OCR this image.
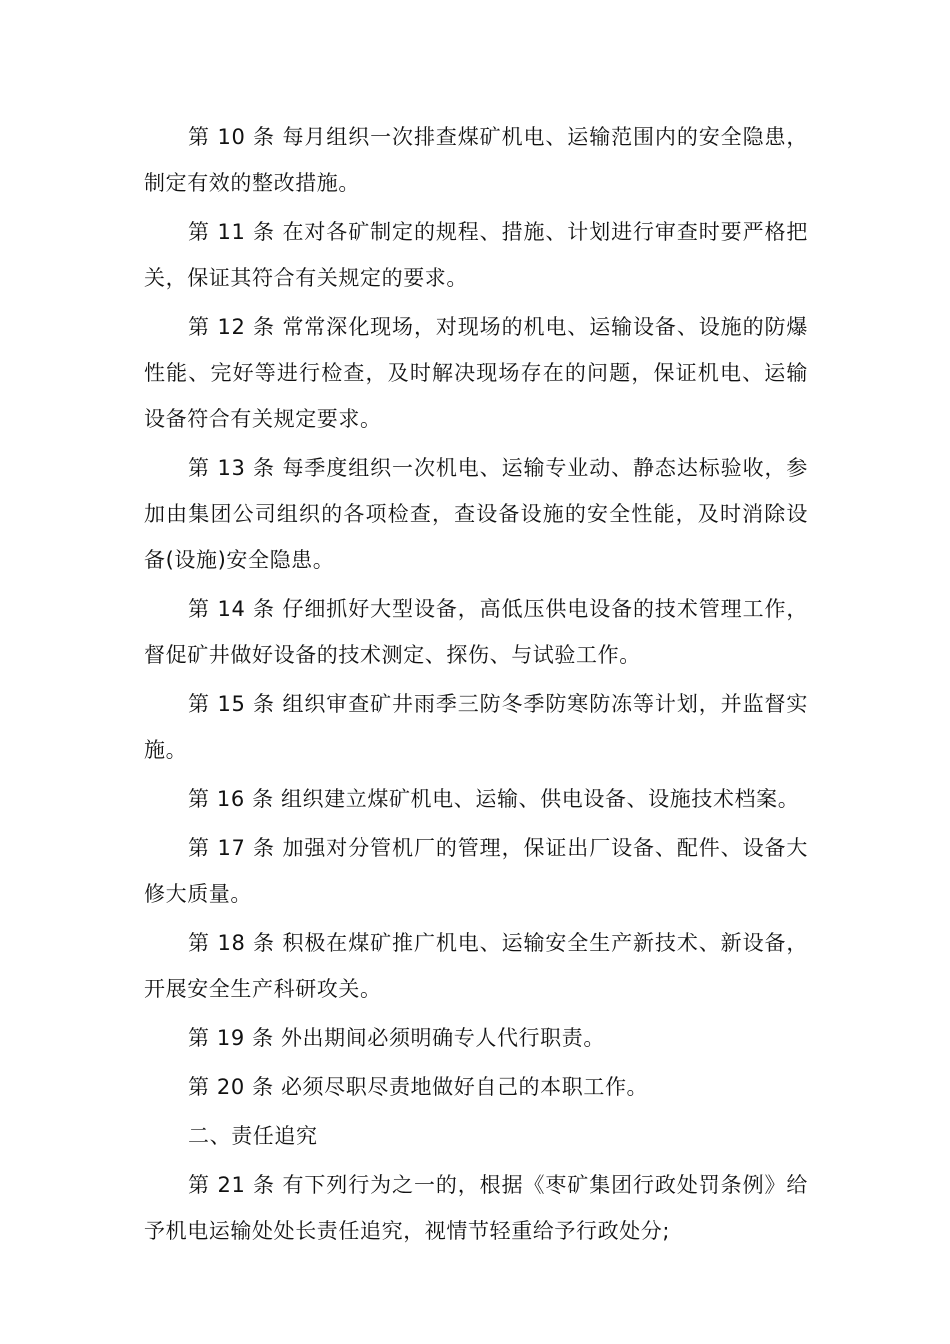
第 10 条 每月组织一次排查煤矿机电、运输范围内的安全隐患，制定有效的整改措施。

第 11 条 在对各矿制定的规程、措施、计划进行审查时要严格把关，保证其符合有关规定的要求。

第 12 条 常常深化现场，对现场的机电、运输设备、设施的防爆性能、完好等进行检查，及时解决现场存在的问题，保证机电、运输设备符合有关规定要求。

第 13 条 每季度组织一次机电、运输专业动、静态达标验收，参加由集团公司组织的各项检查，查设备设施的安全性能，及时消除设备(设施)安全隐患。

第 14 条 仔细抓好大型设备，高低压供电设备的技术管理工作，督促矿井做好设备的技术测定、探伤、与试验工作。

第 15 条 组织审查矿井雨季三防冬季防寒防冻等计划，并监督实施。

第 16 条 组织建立煤矿机电、运输、供电设备、设施技术档案。

第 17 条 加强对分管机厂的管理，保证出厂设备、配件、设备大修大质量。

第 18 条 积极在煤矿推广机电、运输安全生产新技术、新设备，开展安全生产科研攻关。

第 19 条 外出期间必须明确专人代行职责。

第 20 条 必须尽职尽责地做好自己的本职工作。

二、责任追究

第 21 条 有下列行为之一的，根据《枣矿集团行政处罚条例》给予机电运输处处长责任追究，视情节轻重给予行政处分;
